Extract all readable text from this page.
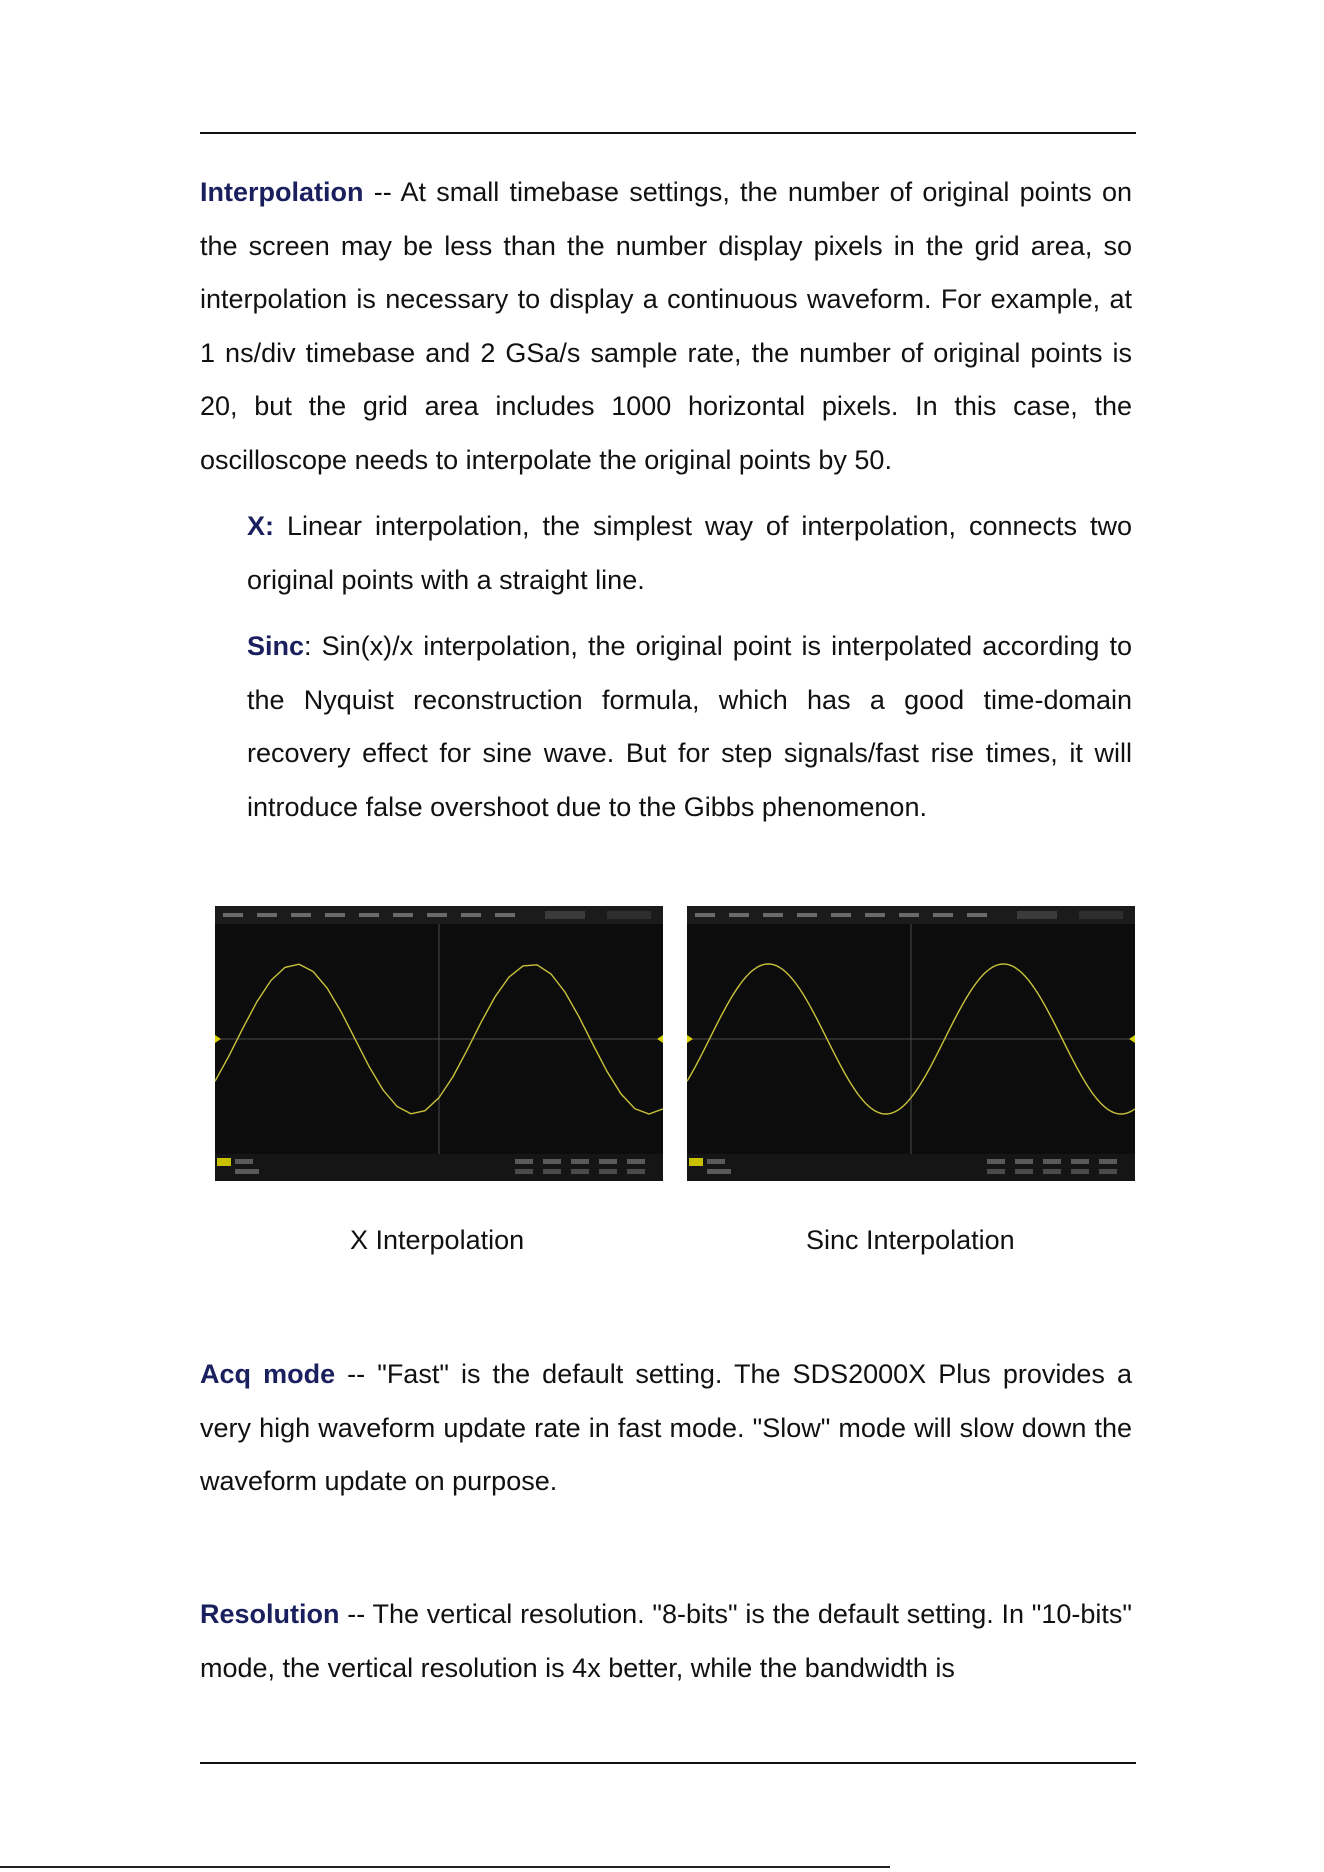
Interpolation -- At small timebase settings, the number of original points on the screen may be less than the number display pixels in the grid area, so interpolation is necessary to display a continuous waveform. For example, at 1 ns/div timebase and 2 GSa/s sample rate, the number of original points is 20, but the grid area includes 1000 horizontal pixels. In this case, the oscilloscope needs to interpolate the original points by 50.

X: Linear interpolation, the simplest way of interpolation, connects two original points with a straight line.

Sinc: Sin(x)/x interpolation, the original point is interpolated according to the Nyquist reconstruction formula, which has a good time-domain recovery effect for sine wave. But for step signals/fast rise times, it will introduce false overshoot due to the Gibbs phenomenon.

X Interpolation	Sinc Interpolation

Acq mode -- "Fast" is the default setting. The SDS2000X Plus provides a very high waveform update rate in fast mode. "Slow" mode will slow down the waveform update on purpose.

Resolution -- The vertical resolution. "8-bits" is the default setting. In "10-bits" mode, the vertical resolution is 4x better, while the bandwidth is
